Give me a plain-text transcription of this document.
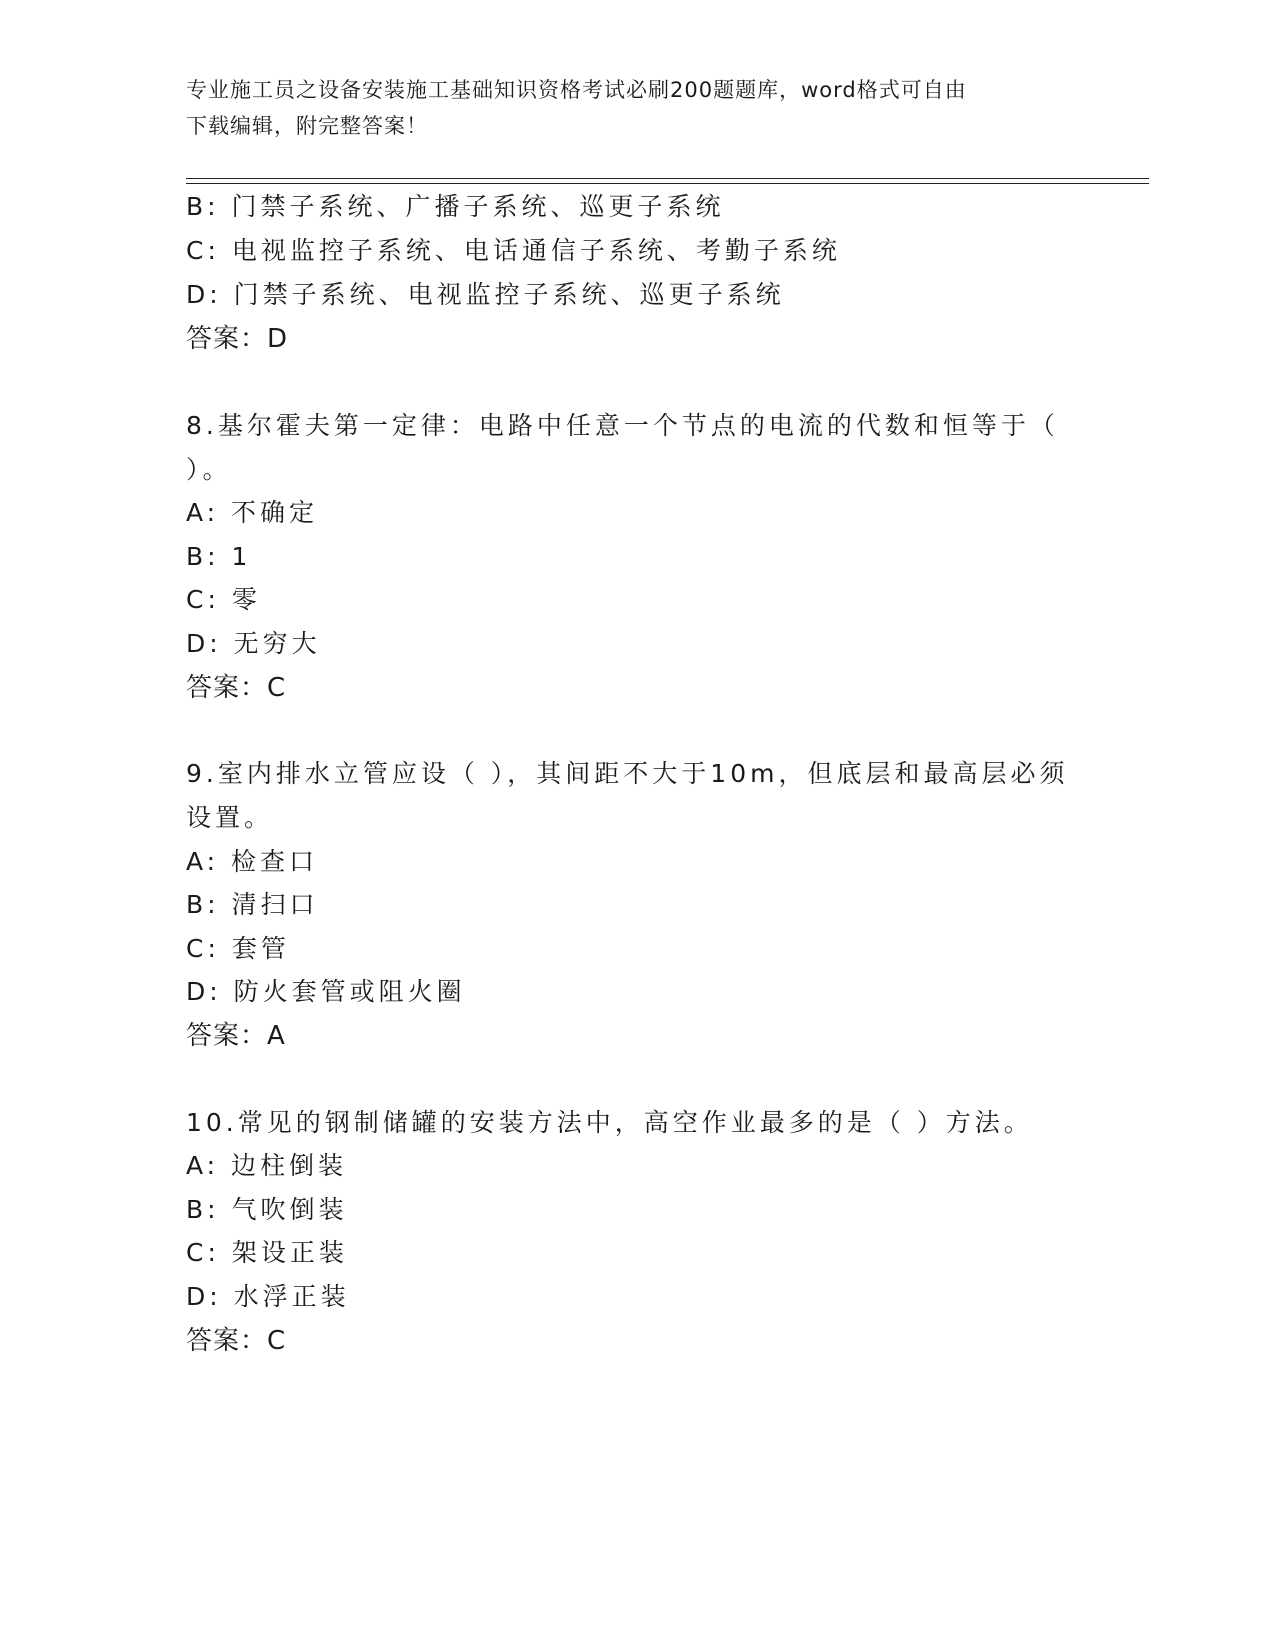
专业施工员之设备安装施工基础知识资格考试必刷200题题库，word格式可自由
下载编辑，附完整答案！
B: 门禁子系统、广播子系统、巡更子系统
C: 电视监控子系统、电话通信子系统、考勤子系统
D: 门禁子系统、电视监控子系统、巡更子系统
答案：D
8.基尔霍夫第一定律：电路中任意一个节点的电流的代数和恒等于（
）。
A: 不确定
B: 1
C: 零
D: 无穷大
答案：C
9.室内排水立管应设（ ），其间距不大于10m，但底层和最高层必须
设置。
A: 检查口
B: 清扫口
C: 套管
D: 防火套管或阻火圈
答案：A
10.常见的钢制储罐的安装方法中，高空作业最多的是（ ）方法。
A: 边柱倒装
B: 气吹倒装
C: 架设正装
D: 水浮正装
答案：C
